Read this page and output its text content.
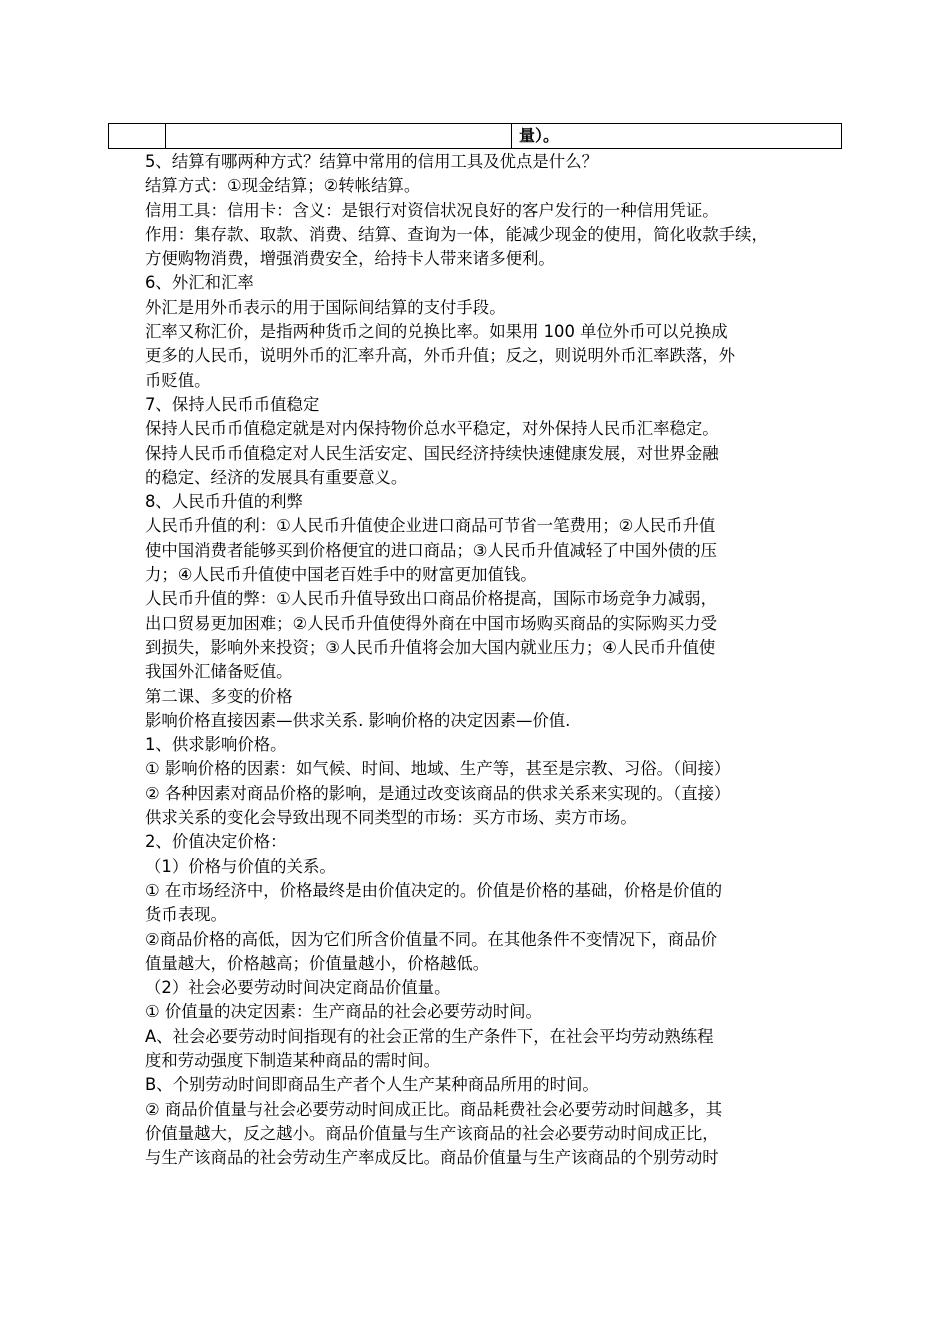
		量）。
5、结算有哪两种方式？结算中常用的信用工具及优点是什么？
结算方式：①现金结算；②转帐结算。
信用工具：信用卡：含义：是银行对资信状况良好的客户发行的一种信用凭证。
作用：集存款、取款、消费、结算、查询为一体，能减少现金的使用，简化收款手续，
方便购物消费，增强消费安全，给持卡人带来诸多便利。
6、外汇和汇率
外汇是用外币表示的用于国际间结算的支付手段。
汇率又称汇价，是指两种货币之间的兑换比率。如果用 100 单位外币可以兑换成
更多的人民币，说明外币的汇率升高，外币升值；反之，则说明外币汇率跌落，外
币贬值。
7、保持人民币币值稳定
保持人民币币值稳定就是对内保持物价总水平稳定，对外保持人民币汇率稳定。
保持人民币币值稳定对人民生活安定、国民经济持续快速健康发展，对世界金融
的稳定、经济的发展具有重要意义。
8、人民币升值的利弊
人民币升值的利：①人民币升值使企业进口商品可节省一笔费用；②人民币升值
使中国消费者能够买到价格便宜的进口商品；③人民币升值减轻了中国外债的压
力；④人民币升值使中国老百姓手中的财富更加值钱。
人民币升值的弊：①人民币升值导致出口商品价格提高，国际市场竞争力减弱，
出口贸易更加困难；②人民币升值使得外商在中国市场购买商品的实际购买力受
到损失，影响外来投资；③人民币升值将会加大国内就业压力；④人民币升值使
我国外汇储备贬值。
第二课、多变的价格
影响价格直接因素—供求关系. 影响价格的决定因素—价值.
1、供求影响价格。
① 影响价格的因素：如气候、时间、地域、生产等，甚至是宗教、习俗。（间接）
② 各种因素对商品价格的影响，是通过改变该商品的供求关系来实现的。（直接）
供求关系的变化会导致出现不同类型的市场：买方市场、卖方市场。
2、价值决定价格：
（1）价格与价值的关系。
① 在市场经济中，价格最终是由价值决定的。价值是价格的基础，价格是价值的
货币表现。
②商品价格的高低，因为它们所含价值量不同。在其他条件不变情况下，商品价
值量越大，价格越高；价值量越小，价格越低。
（2）社会必要劳动时间决定商品价值量。
① 价值量的决定因素：生产商品的社会必要劳动时间。
A、社会必要劳动时间指现有的社会正常的生产条件下，在社会平均劳动熟练程
度和劳动强度下制造某种商品的需时间。
B、个别劳动时间即商品生产者个人生产某种商品所用的时间。
② 商品价值量与社会必要劳动时间成正比。商品耗费社会必要劳动时间越多，其
价值量越大，反之越小。商品价值量与生产该商品的社会必要劳动时间成正比，
与生产该商品的社会劳动生产率成反比。商品价值量与生产该商品的个别劳动时
